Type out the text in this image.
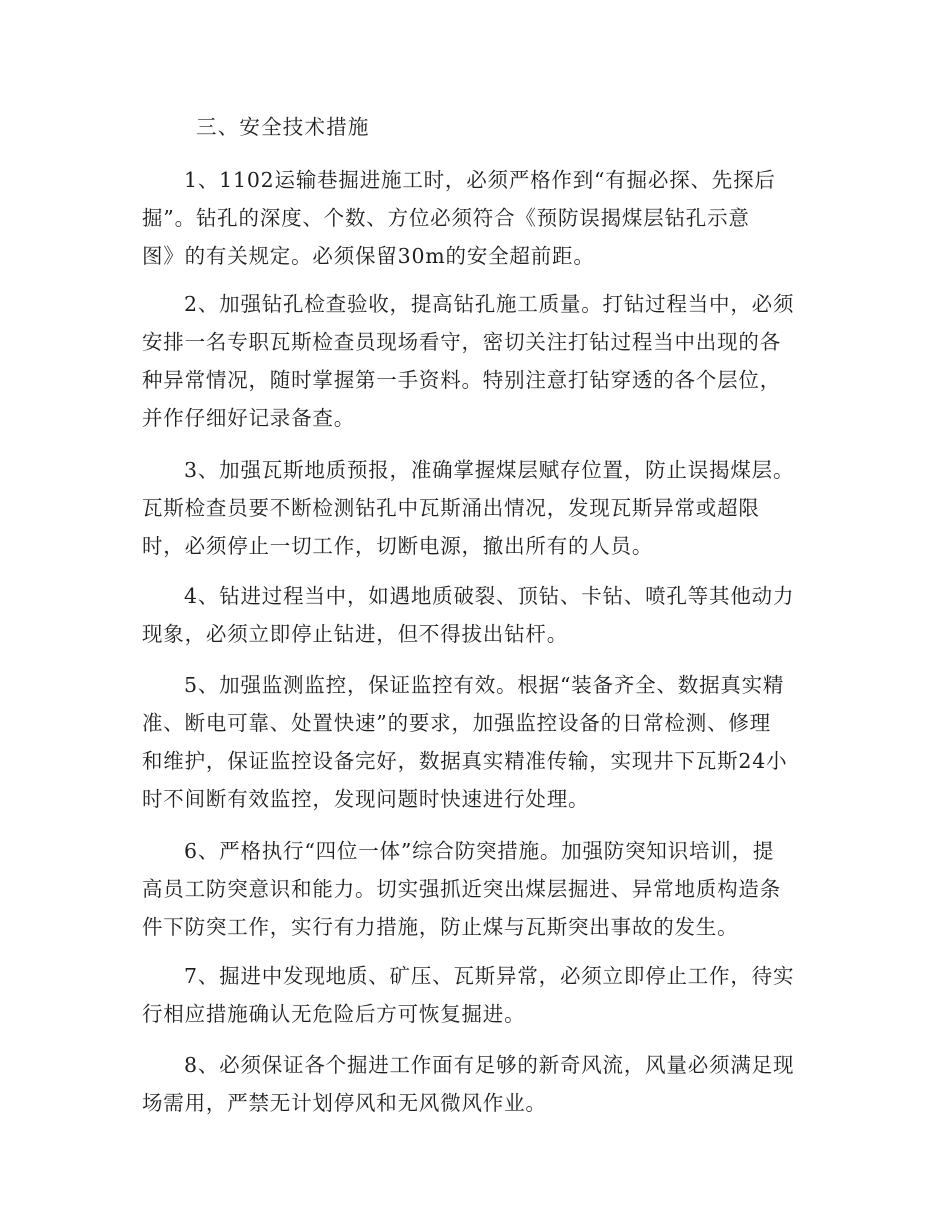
三、安全技术措施

1、1102运输巷掘进施工时，必须严格作到“有掘必探、先探后
掘”。钻孔的深度、个数、方位必须符合《预防误揭煤层钻孔示意
图》的有关规定。必须保留30m的安全超前距。

2、加强钻孔检查验收，提高钻孔施工质量。打钻过程当中，必须
安排一名专职瓦斯检查员现场看守，密切关注打钻过程当中出现的各
种异常情况，随时掌握第一手资料。特别注意打钻穿透的各个层位，
并作仔细好记录备查。

3、加强瓦斯地质预报，准确掌握煤层赋存位置，防止误揭煤层。
瓦斯检查员要不断检测钻孔中瓦斯涌出情况，发现瓦斯异常或超限
时，必须停止一切工作，切断电源，撤出所有的人员。

4、钻进过程当中，如遇地质破裂、顶钻、卡钻、喷孔等其他动力
现象，必须立即停止钻进，但不得拔出钻杆。

5、加强监测监控，保证监控有效。根据“装备齐全、数据真实精
准、断电可靠、处置快速”的要求，加强监控设备的日常检测、修理
和维护，保证监控设备完好，数据真实精准传输，实现井下瓦斯24小
时不间断有效监控，发现问题时快速进行处理。

6、严格执行“四位一体”综合防突措施。加强防突知识培训，提
高员工防突意识和能力。切实强抓近突出煤层掘进、异常地质构造条
件下防突工作，实行有力措施，防止煤与瓦斯突出事故的发生。

7、掘进中发现地质、矿压、瓦斯异常，必须立即停止工作，待实
行相应措施确认无危险后方可恢复掘进。

8、必须保证各个掘进工作面有足够的新奇风流，风量必须满足现
场需用，严禁无计划停风和无风微风作业。
